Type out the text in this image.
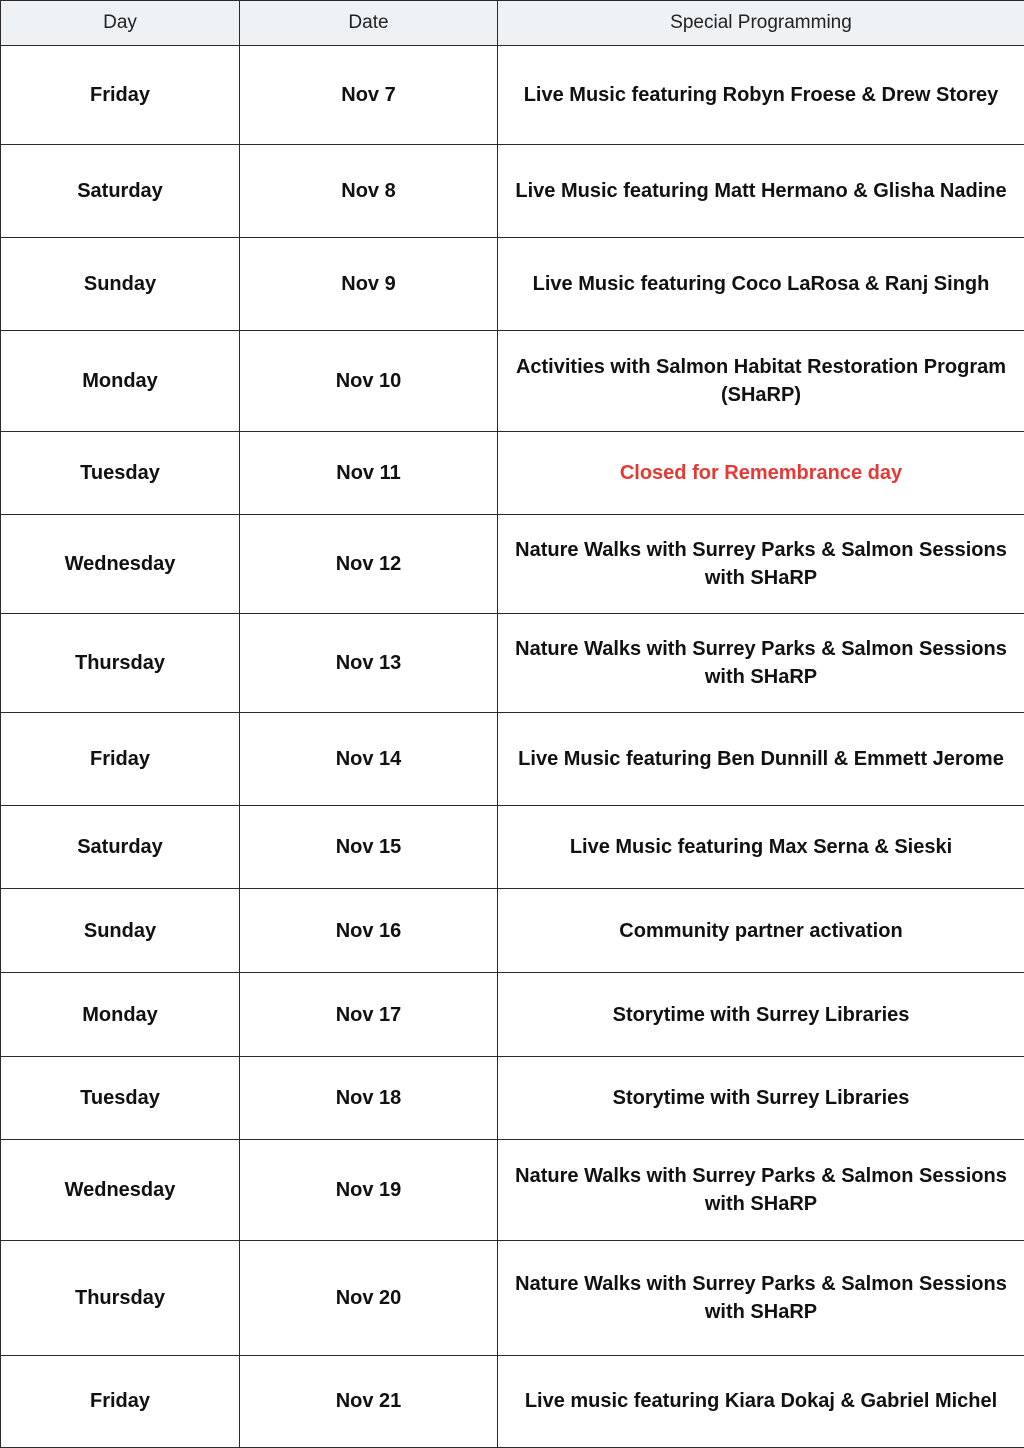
Day	Date	Special Programming
Friday	Nov 7	Live Music featuring Robyn Froese & Drew Storey
Saturday	Nov 8	Live Music featuring Matt Hermano & Glisha Nadine
Sunday	Nov 9	Live Music featuring Coco LaRosa & Ranj Singh
Monday	Nov 10	Activities with Salmon Habitat Restoration Program (SHaRP)
Tuesday	Nov 11	Closed for Remembrance day
Wednesday	Nov 12	Nature Walks with Surrey Parks & Salmon Sessions with SHaRP
Thursday	Nov 13	Nature Walks with Surrey Parks & Salmon Sessions with SHaRP
Friday	Nov 14	Live Music featuring Ben Dunnill & Emmett Jerome
Saturday	Nov 15	Live Music featuring Max Serna & Sieski
Sunday	Nov 16	Community partner activation
Monday	Nov 17	Storytime with Surrey Libraries
Tuesday	Nov 18	Storytime with Surrey Libraries
Wednesday	Nov 19	Nature Walks with Surrey Parks & Salmon Sessions with SHaRP
Thursday	Nov 20	Nature Walks with Surrey Parks & Salmon Sessions with SHaRP
Friday	Nov 21	Live music featuring Kiara Dokaj & Gabriel Michel
